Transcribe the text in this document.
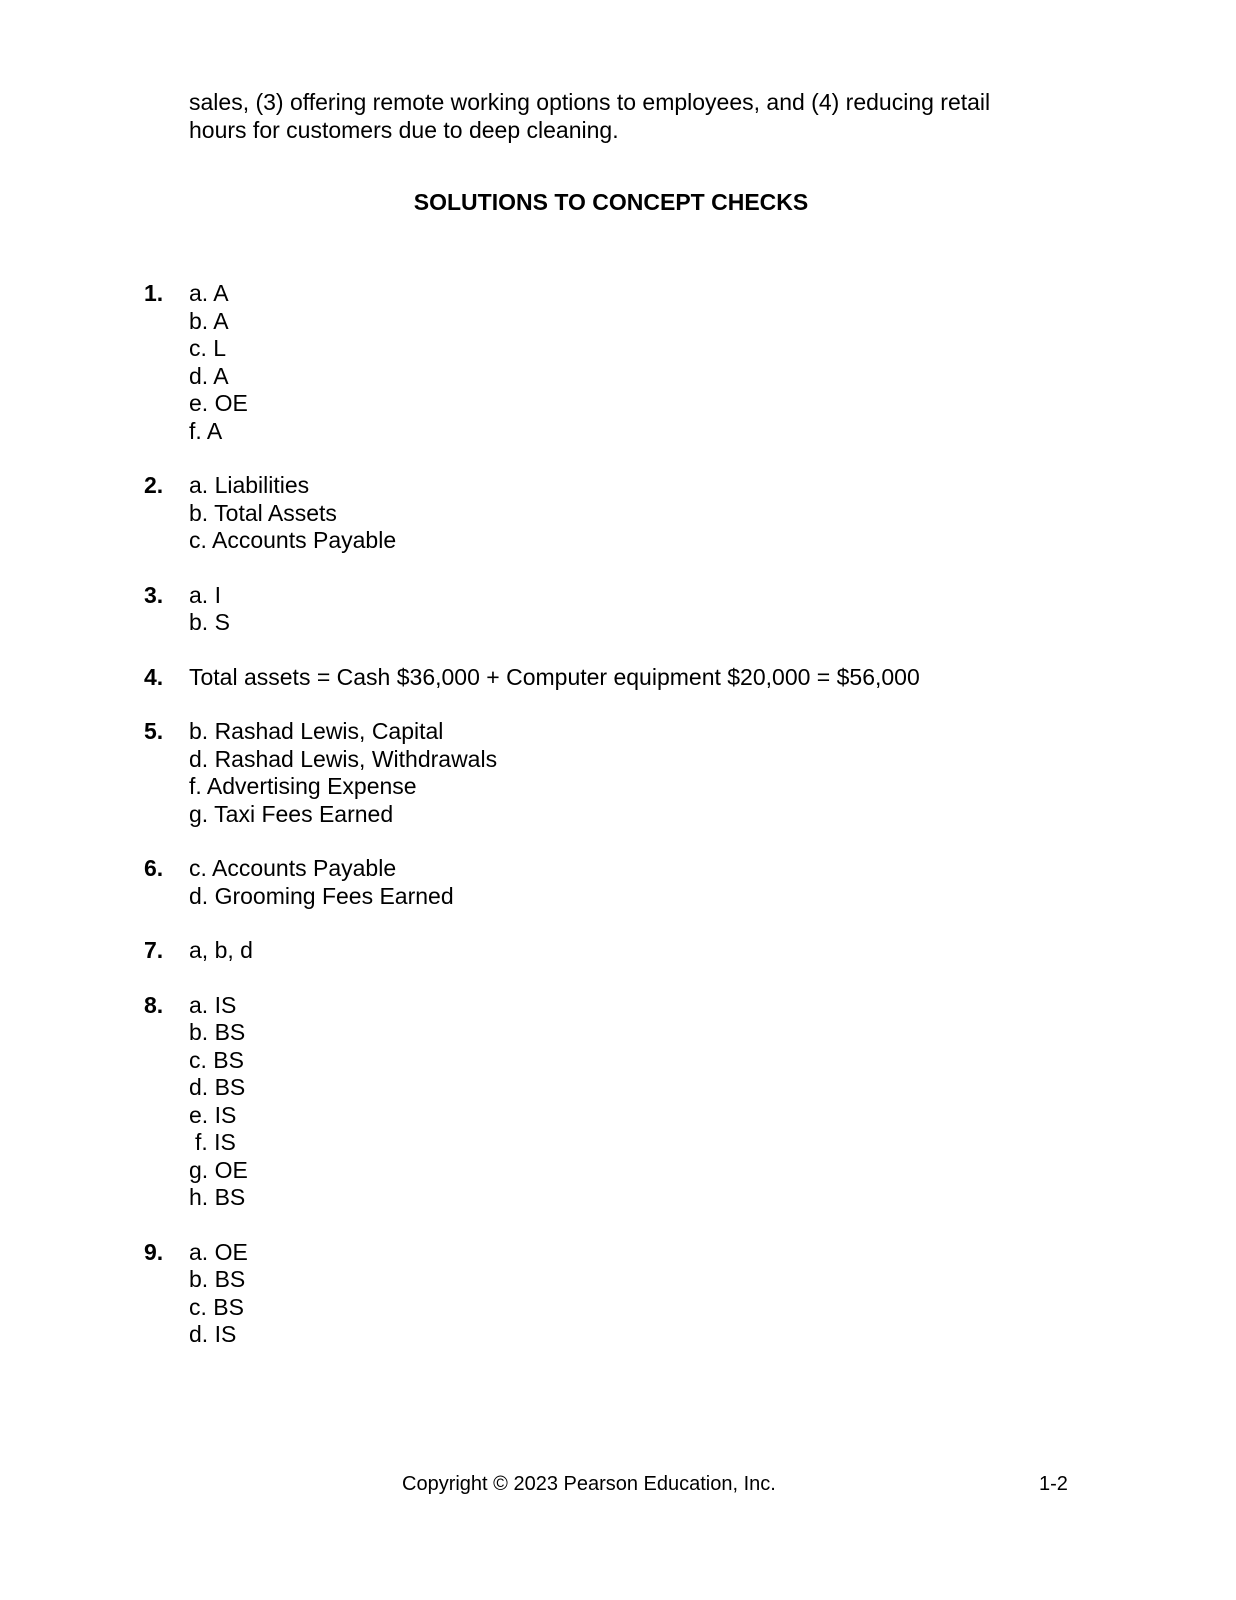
sales, (3) offering remote working options to employees, and (4) reducing retail

hours for customers due to deep cleaning.

SOLUTIONS TO CONCEPT CHECKS
1. a. A
b. A
c. L
d. A
e. OE
f. A
2. a. Liabilities
b. Total Assets
c. Accounts Payable
3. a. I
b. S
4. Total assets = Cash $36,000 + Computer equipment $20,000 = $56,000
5. b. Rashad Lewis, Capital
d. Rashad Lewis, Withdrawals
f. Advertising Expense
g. Taxi Fees Earned
6. c. Accounts Payable
d. Grooming Fees Earned
7. a, b, d
8. a. IS
b. BS
c. BS
d. BS
e. IS
f. IS
g. OE
h. BS
9. a. OE
b. BS
c. BS
d. IS
Copyright © 2023 Pearson Education, Inc.	1-2
